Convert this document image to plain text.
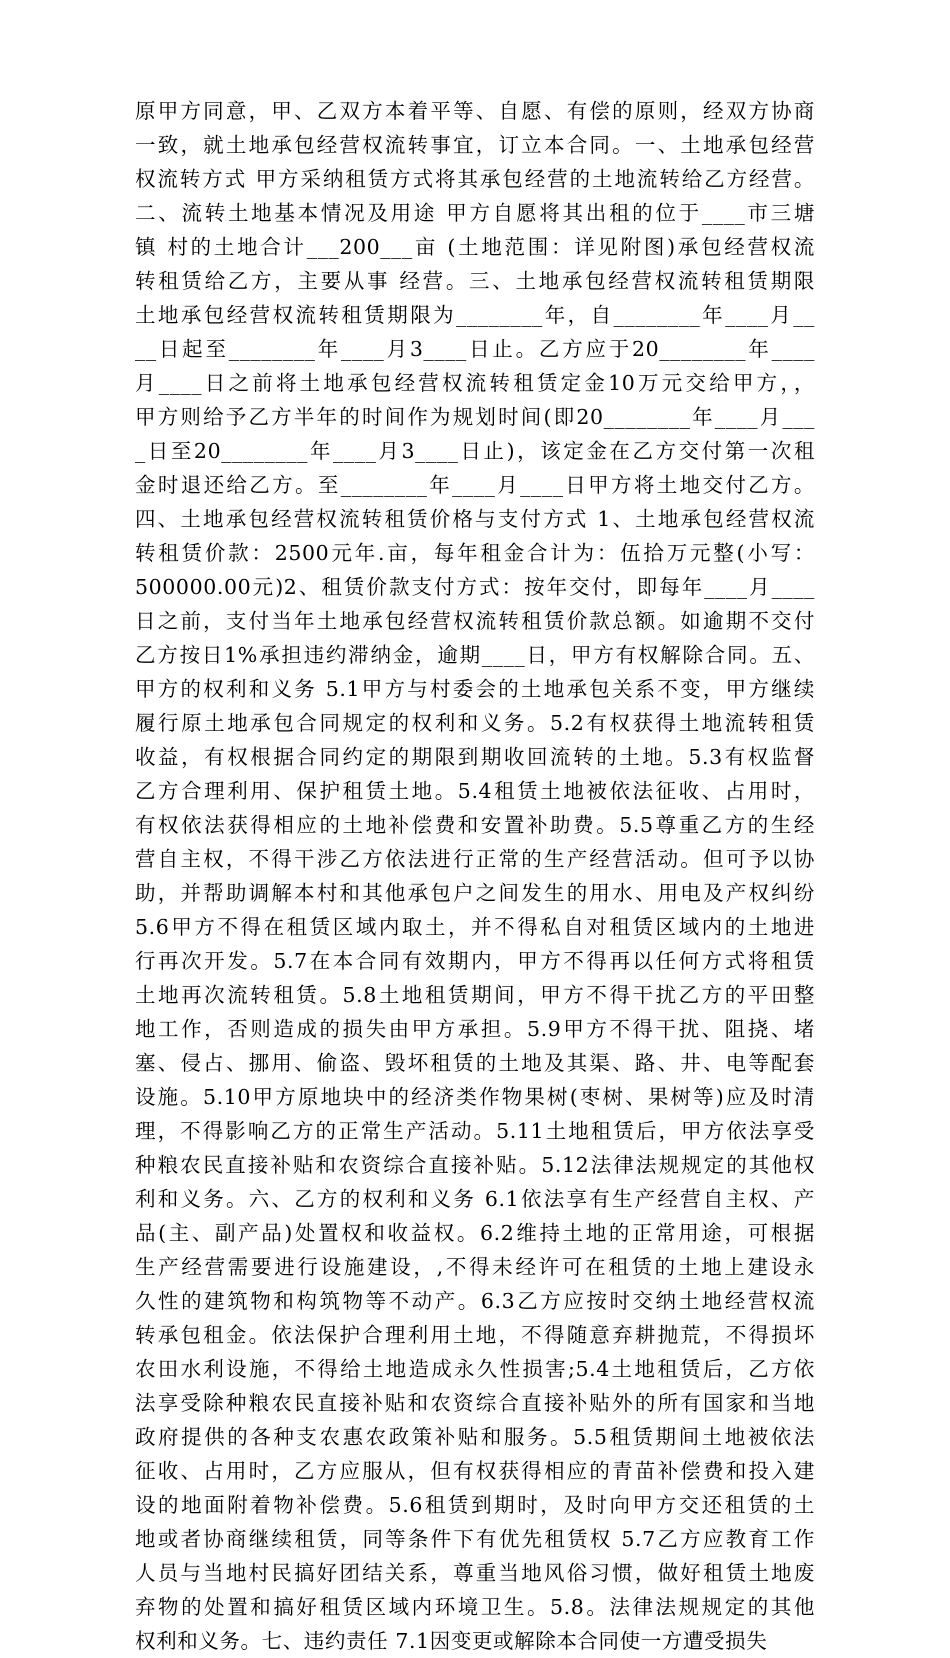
原甲方同意，甲、乙双方本着平等、自愿、有偿的原则，经双方协商
一致，就土地承包经营权流转事宜，订立本合同。一、土地承包经营
权流转方式 甲方采纳租赁方式将其承包经营的土地流转给乙方经营。
二、流转土地基本情况及用途 甲方自愿将其出租的位于____市三塘
镇 村的土地合计___200___亩 (土地范围：详见附图)承包经营权流
转租赁给乙方，主要从事 经营。三、土地承包经营权流转租赁期限
土地承包经营权流转租赁期限为________年，自________年____月__
__日起至________年____月3____日止。乙方应于20________年____
月____日之前将土地承包经营权流转租赁定金10万元交给甲方，，
甲方则给予乙方半年的时间作为规划时间(即20________年____月___
_日至20________年____月3____日止)，该定金在乙方交付第一次租
金时退还给乙方。至________年____月____日甲方将土地交付乙方。
四、土地承包经营权流转租赁价格与支付方式 1、土地承包经营权流
转租赁价款：2500元年.亩，每年租金合计为：伍拾万元整(小写：
500000.00元)2、租赁价款支付方式：按年交付，即每年____月____
日之前，支付当年土地承包经营权流转租赁价款总额。如逾期不交付
乙方按日1%承担违约滞纳金，逾期____日，甲方有权解除合同。五、
甲方的权利和义务 5.1甲方与村委会的土地承包关系不变，甲方继续
履行原土地承包合同规定的权利和义务。5.2有权获得土地流转租赁
收益，有权根据合同约定的期限到期收回流转的土地。5.3有权监督
乙方合理利用、保护租赁土地。5.4租赁土地被依法征收、占用时，
有权依法获得相应的土地补偿费和安置补助费。5.5尊重乙方的生经
营自主权，不得干涉乙方依法进行正常的生产经营活动。但可予以协
助，并帮助调解本村和其他承包户之间发生的用水、用电及产权纠纷
5.6甲方不得在租赁区域内取土，并不得私自对租赁区域内的土地进
行再次开发。5.7在本合同有效期内，甲方不得再以任何方式将租赁
土地再次流转租赁。5.8土地租赁期间，甲方不得干扰乙方的平田整
地工作，否则造成的损失由甲方承担。5.9甲方不得干扰、阻挠、堵
塞、侵占、挪用、偷盗、毁坏租赁的土地及其渠、路、井、电等配套
设施。5.10甲方原地块中的经济类作物果树(枣树、果树等)应及时清
理，不得影响乙方的正常生产活动。5.11土地租赁后，甲方依法享受
种粮农民直接补贴和农资综合直接补贴。5.12法律法规规定的其他权
利和义务。六、乙方的权利和义务 6.1依法享有生产经营自主权、产
品(主、副产品)处置权和收益权。6.2维持土地的正常用途，可根据
生产经营需要进行设施建设，,不得未经许可在租赁的土地上建设永
久性的建筑物和构筑物等不动产。6.3乙方应按时交纳土地经营权流
转承包租金。依法保护合理利用土地，不得随意弃耕抛荒，不得损坏
农田水利设施，不得给土地造成永久性损害;5.4土地租赁后，乙方依
法享受除种粮农民直接补贴和农资综合直接补贴外的所有国家和当地
政府提供的各种支农惠农政策补贴和服务。5.5租赁期间土地被依法
征收、占用时，乙方应服从，但有权获得相应的青苗补偿费和投入建
设的地面附着物补偿费。5.6租赁到期时，及时向甲方交还租赁的土
地或者协商继续租赁，同等条件下有优先租赁权 5.7乙方应教育工作
人员与当地村民搞好团结关系，尊重当地风俗习惯，做好租赁土地废
弃物的处置和搞好租赁区域内环境卫生。5.8。法律法规规定的其他
权利和义务。七、违约责任 7.1因变更或解除本合同使一方遭受损失
